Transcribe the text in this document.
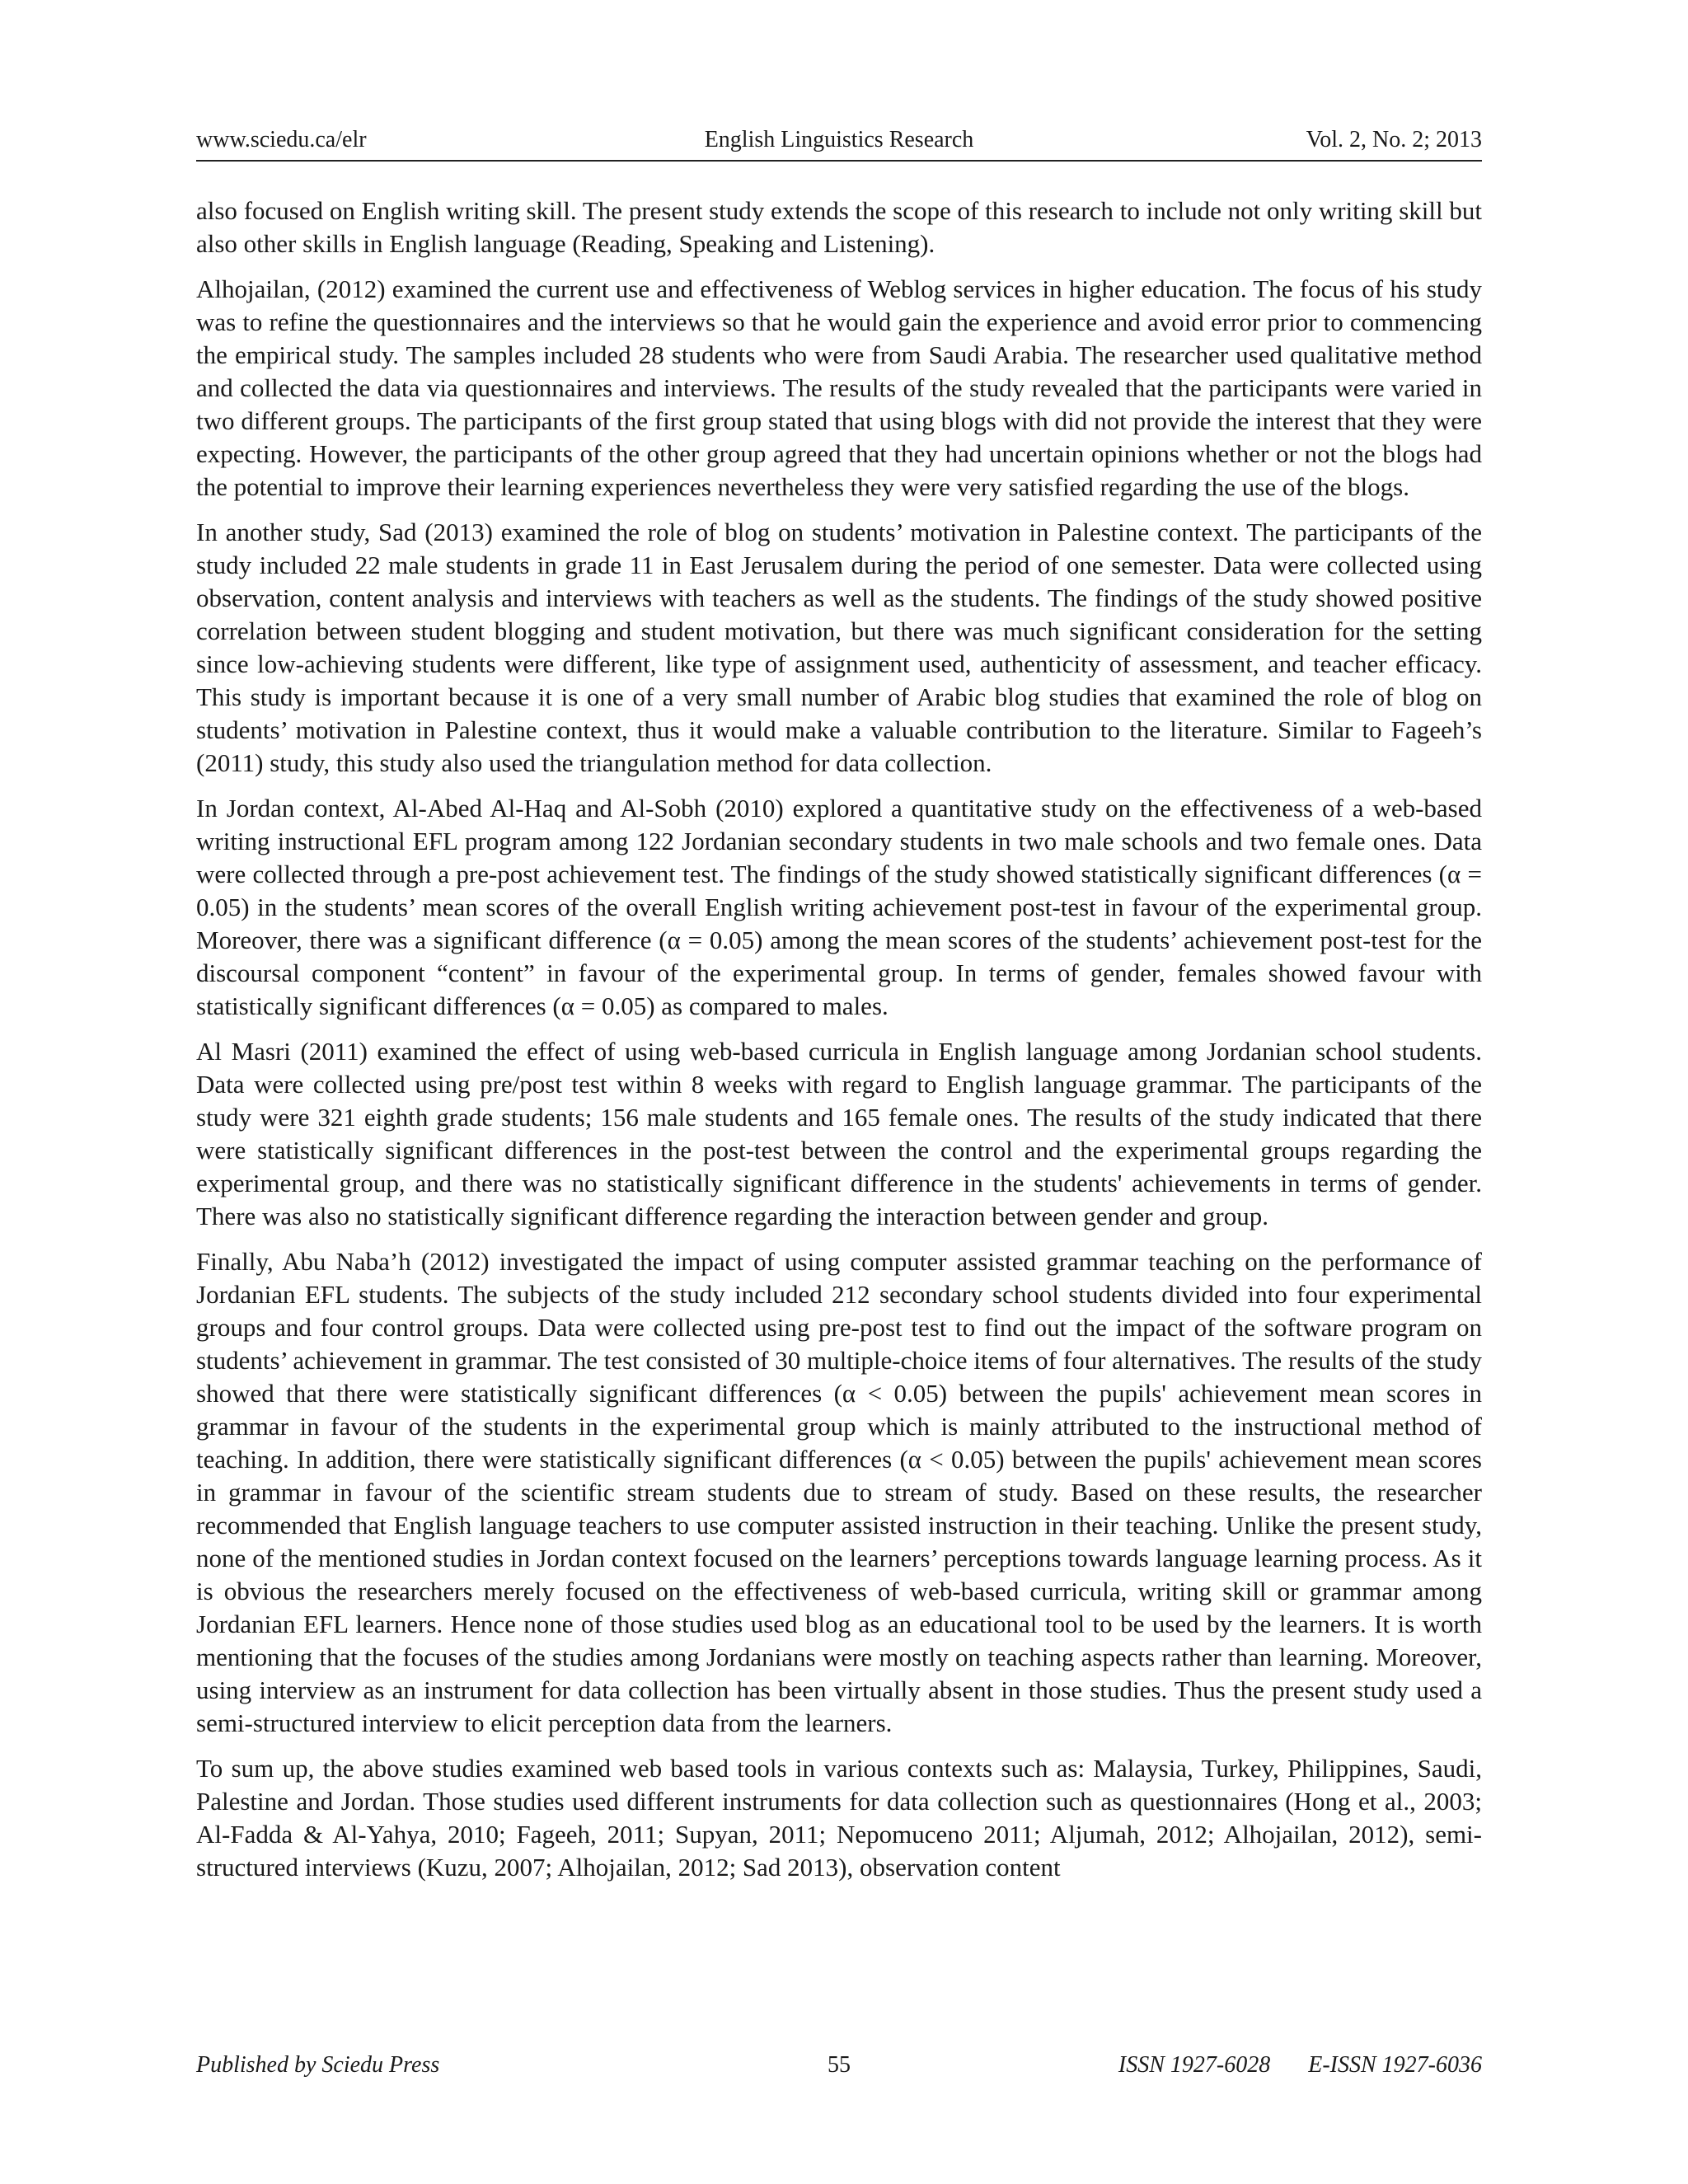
www.sciedu.ca/elr	English Linguistics Research	Vol. 2, No. 2; 2013

also focused on English writing skill. The present study extends the scope of this research to include not only writing skill but also other skills in English language (Reading, Speaking and Listening).

Alhojailan, (2012) examined the current use and effectiveness of Weblog services in higher education. The focus of his study was to refine the questionnaires and the interviews so that he would gain the experience and avoid error prior to commencing the empirical study. The samples included 28 students who were from Saudi Arabia. The researcher used qualitative method and collected the data via questionnaires and interviews. The results of the study revealed that the participants were varied in two different groups. The participants of the first group stated that using blogs with did not provide the interest that they were expecting. However, the participants of the other group agreed that they had uncertain opinions whether or not the blogs had the potential to improve their learning experiences nevertheless they were very satisfied regarding the use of the blogs.

In another study, Sad (2013) examined the role of blog on students’ motivation in Palestine context. The participants of the study included 22 male students in grade 11 in East Jerusalem during the period of one semester. Data were collected using observation, content analysis and interviews with teachers as well as the students. The findings of the study showed positive correlation between student blogging and student motivation, but there was much significant consideration for the setting since low-achieving students were different, like type of assignment used, authenticity of assessment, and teacher efficacy. This study is important because it is one of a very small number of Arabic blog studies that examined the role of blog on students’ motivation in Palestine context, thus it would make a valuable contribution to the literature. Similar to Fageeh’s (2011) study, this study also used the triangulation method for data collection.

In Jordan context, Al-Abed Al-Haq and Al-Sobh (2010) explored a quantitative study on the effectiveness of a web-based writing instructional EFL program among 122 Jordanian secondary students in two male schools and two female ones. Data were collected through a pre-post achievement test. The findings of the study showed statistically significant differences (α = 0.05) in the students’ mean scores of the overall English writing achievement post-test in favour of the experimental group. Moreover, there was a significant difference (α = 0.05) among the mean scores of the students’ achievement post-test for the discoursal component “content” in favour of the experimental group. In terms of gender, females showed favour with statistically significant differences (α = 0.05) as compared to males.

Al Masri (2011) examined the effect of using web-based curricula in English language among Jordanian school students. Data were collected using pre/post test within 8 weeks with regard to English language grammar. The participants of the study were 321 eighth grade students; 156 male students and 165 female ones. The results of the study indicated that there were statistically significant differences in the post-test between the control and the experimental groups regarding the experimental group, and there was no statistically significant difference in the students' achievements in terms of gender. There was also no statistically significant difference regarding the interaction between gender and group.

Finally, Abu Naba’h (2012) investigated the impact of using computer assisted grammar teaching on the performance of Jordanian EFL students. The subjects of the study included 212 secondary school students divided into four experimental groups and four control groups. Data were collected using pre-post test to find out the impact of the software program on students’ achievement in grammar. The test consisted of 30 multiple-choice items of four alternatives. The results of the study showed that there were statistically significant differences (α < 0.05) between the pupils' achievement mean scores in grammar in favour of the students in the experimental group which is mainly attributed to the instructional method of teaching. In addition, there were statistically significant differences (α < 0.05) between the pupils' achievement mean scores in grammar in favour of the scientific stream students due to stream of study. Based on these results, the researcher recommended that English language teachers to use computer assisted instruction in their teaching. Unlike the present study, none of the mentioned studies in Jordan context focused on the learners’ perceptions towards language learning process. As it is obvious the researchers merely focused on the effectiveness of web-based curricula, writing skill or grammar among Jordanian EFL learners. Hence none of those studies used blog as an educational tool to be used by the learners. It is worth mentioning that the focuses of the studies among Jordanians were mostly on teaching aspects rather than learning. Moreover, using interview as an instrument for data collection has been virtually absent in those studies. Thus the present study used a semi-structured interview to elicit perception data from the learners.

To sum up, the above studies examined web based tools in various contexts such as: Malaysia, Turkey, Philippines, Saudi, Palestine and Jordan. Those studies used different instruments for data collection such as questionnaires (Hong et al., 2003; Al-Fadda & Al-Yahya, 2010; Fageeh, 2011; Supyan, 2011; Nepomuceno 2011; Aljumah, 2012; Alhojailan, 2012), semi-structured interviews (Kuzu, 2007; Alhojailan, 2012; Sad 2013), observation content

Published by Sciedu Press	55	ISSN 1927-6028 E-ISSN 1927-6036
